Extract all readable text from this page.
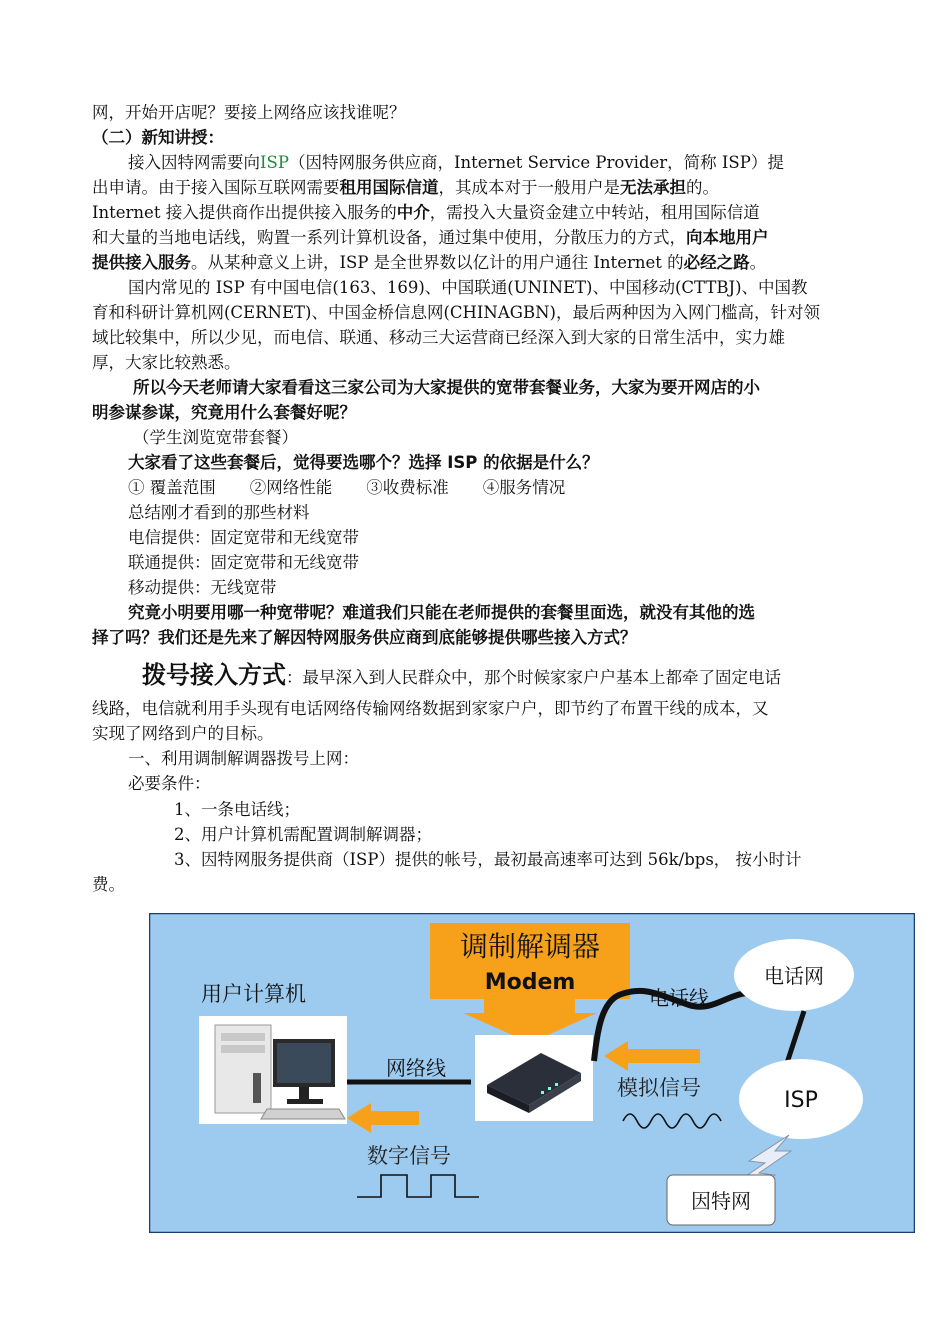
网，开始开店呢？要接上网络应该找谁呢？
（二）新知讲授：
接入因特网需要向ISP（因特网服务供应商，Internet Service Provider，简称 ISP）提
出申请。由于接入国际互联网需要租用国际信道，其成本对于一般用户是无法承担的。
Internet 接入提供商作出提供接入服务的中介，需投入大量资金建立中转站，租用国际信道
和大量的当地电话线，购置一系列计算机设备，通过集中使用，分散压力的方式，向本地用户
提供接入服务。从某种意义上讲，ISP 是全世界数以亿计的用户通往 Internet 的必经之路。
国内常见的 ISP 有中国电信(163、169)、中国联通(UNINET)、中国移动(CTTBJ)、中国教
育和科研计算机网(CERNET)、中国金桥信息网(CHINAGBN)，最后两种因为入网门槛高，针对领
域比较集中，所以少见，而电信、联通、移动三大运营商已经深入到大家的日常生活中，实力雄
厚，大家比较熟悉。
所以今天老师请大家看看这三家公司为大家提供的宽带套餐业务，大家为要开网店的小
明参谋参谋，究竟用什么套餐好呢？
（学生浏览宽带套餐）
大家看了这些套餐后，觉得要选哪个？选择 ISP 的依据是什么？
① 覆盖范围 ②网络性能 ③收费标准 ④服务情况
总结刚才看到的那些材料
电信提供：固定宽带和无线宽带
联通提供：固定宽带和无线宽带
移动提供：无线宽带
究竟小明要用哪一种宽带呢？难道我们只能在老师提供的套餐里面选，就没有其他的选
择了吗？我们还是先来了解因特网服务供应商到底能够提供哪些接入方式？
拨号接入方式：最早深入到人民群众中，那个时候家家户户基本上都牵了固定电话
线路，电信就利用手头现有电话网络传输网络数据到家家户户，即节约了布置干线的成本，又
实现了网络到户的目标。
一、利用调制解调器拨号上网：
必要条件：
1、一条电话线；
2、用户计算机需配置调制解调器；
3、因特网服务提供商（ISP）提供的帐号，最初最高速率可达到 56k/bps， 按小时计
费。
调制解调器
Modem
用户计算机
网络线
电话线
电话网
ISP
模拟信号
因特网
数字信号
